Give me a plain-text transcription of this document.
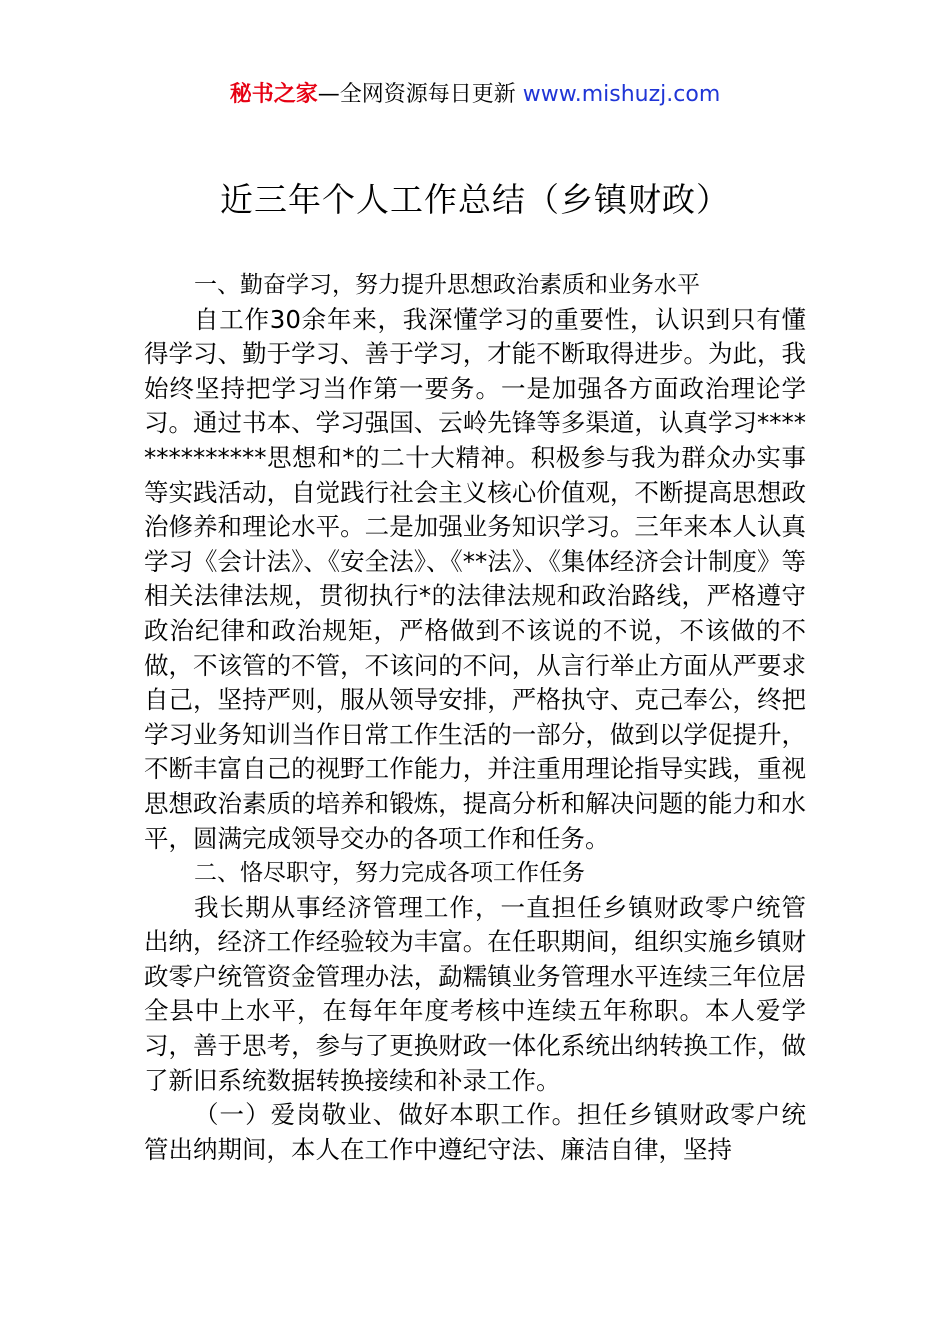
秘书之家—全网资源每日更新 www.mishuzj.com
近三年个人工作总结（乡镇财政）

一、勤奋学习，努力提升思想政治素质和业务水平

自工作30余年来，我深懂学习的重要性，认识到只有懂得学习、勤于学习、善于学习，才能不断取得进步。为此，我始终坚持把学习当作第一要务。一是加强各方面政治理论学习。通过书本、学习强国、云岭先锋等多渠道，认真学习**************思想和*的二十大精神。积极参与我为群众办实事等实践活动，自觉践行社会主义核心价值观，不断提高思想政治修养和理论水平。二是加强业务知识学习。三年来本人认真学习《会计法》、《安全法》、《**法》、《集体经济会计制度》等相关法律法规，贯彻执行*的法律法规和政治路线，严格遵守政治纪律和政治规矩，严格做到不该说的不说，不该做的不做，不该管的不管，不该问的不问，从言行举止方面从严要求自己，坚持严则，服从领导安排，严格执守、克己奉公，终把学习业务知训当作日常工作生活的一部分，做到以学促提升，不断丰富自己的视野工作能力，并注重用理论指导实践，重视思想政治素质的培养和锻炼，提高分析和解决问题的能力和水平，圆满完成领导交办的各项工作和任务。

二、恪尽职守，努力完成各项工作任务

我长期从事经济管理工作，一直担任乡镇财政零户统管出纳，经济工作经验较为丰富。在任职期间，组织实施乡镇财政零户统管资金管理办法，勐糯镇业务管理水平连续三年位居全县中上水平，在每年年度考核中连续五年称职。本人爱学习，善于思考，参与了更换财政一体化系统出纳转换工作，做了新旧系统数据转换接续和补录工作。

（一）爱岗敬业、做好本职工作。担任乡镇财政零户统管出纳期间，本人在工作中遵纪守法、廉洁自律，坚持
